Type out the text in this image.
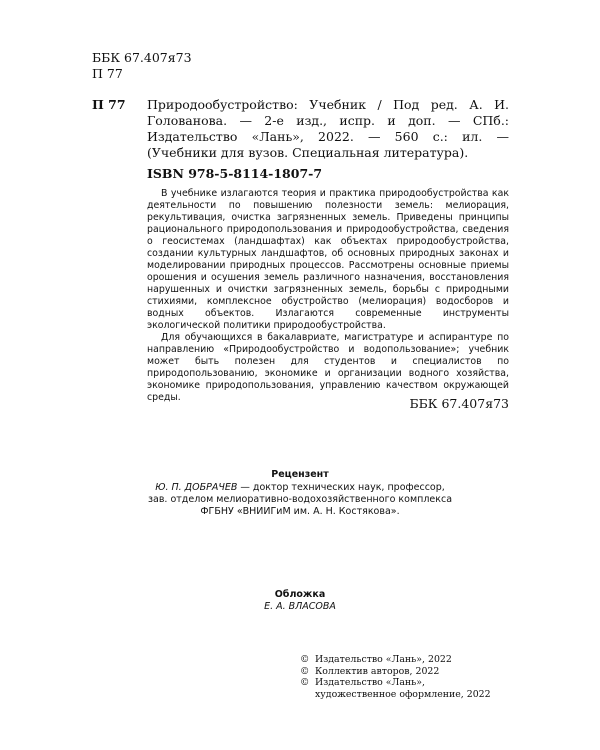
ББК 67.407я73
П 77
П 77 Природообустройство: Учебник / Под ред. А. И. Голованова. — 2-е изд., испр. и доп. — СПб.: Издательство «Лань», 2022. — 560 с.: ил. — (Учебники для вузов. Специальная литература).
ISBN 978-5-8114-1807-7

В учебнике излагаются теория и практика природообустройства как деятельности по повышению полезности земель: мелиорация, рекультивация, очистка загрязненных земель. Приведены принципы рационального природопользования и природообустройства, сведения о геосистемах (ландшафтах) как объектах природообустройства, создании культурных ландшафтов, об основных природных законах и моделировании природных процессов. Рассмотрены основные приемы орошения и осушения земель различного назначения, восстановления нарушенных и очистки загрязненных земель, борьбы с природными стихиями, комплексное обустройство (мелиорация) водосборов и водных объектов. Излагаются современные инструменты экологической политики природообустройства.

Для обучающихся в бакалавриате, магистратуре и аспирантуре по направлению «Природообустройство и водопользование»; учебник может быть полезен для студентов и специалистов по природопользованию, экономике и организации водного хозяйства, экономике природопользования, управлению качеством окружающей среды.	ББК 67.407я73
Рецензент
Ю. П. ДОБРАЧЕВ — доктор технических наук, профессор,
зав. отделом мелиоративно-водохозяйственного комплекса
ФГБНУ «ВНИИГиМ им. А. Н. Костякова».
Обложка
Е. А. ВЛАСОВА
© Издательство «Лань», 2022
© Коллектив авторов, 2022
© Издательство «Лань»,
художественное оформление, 2022
